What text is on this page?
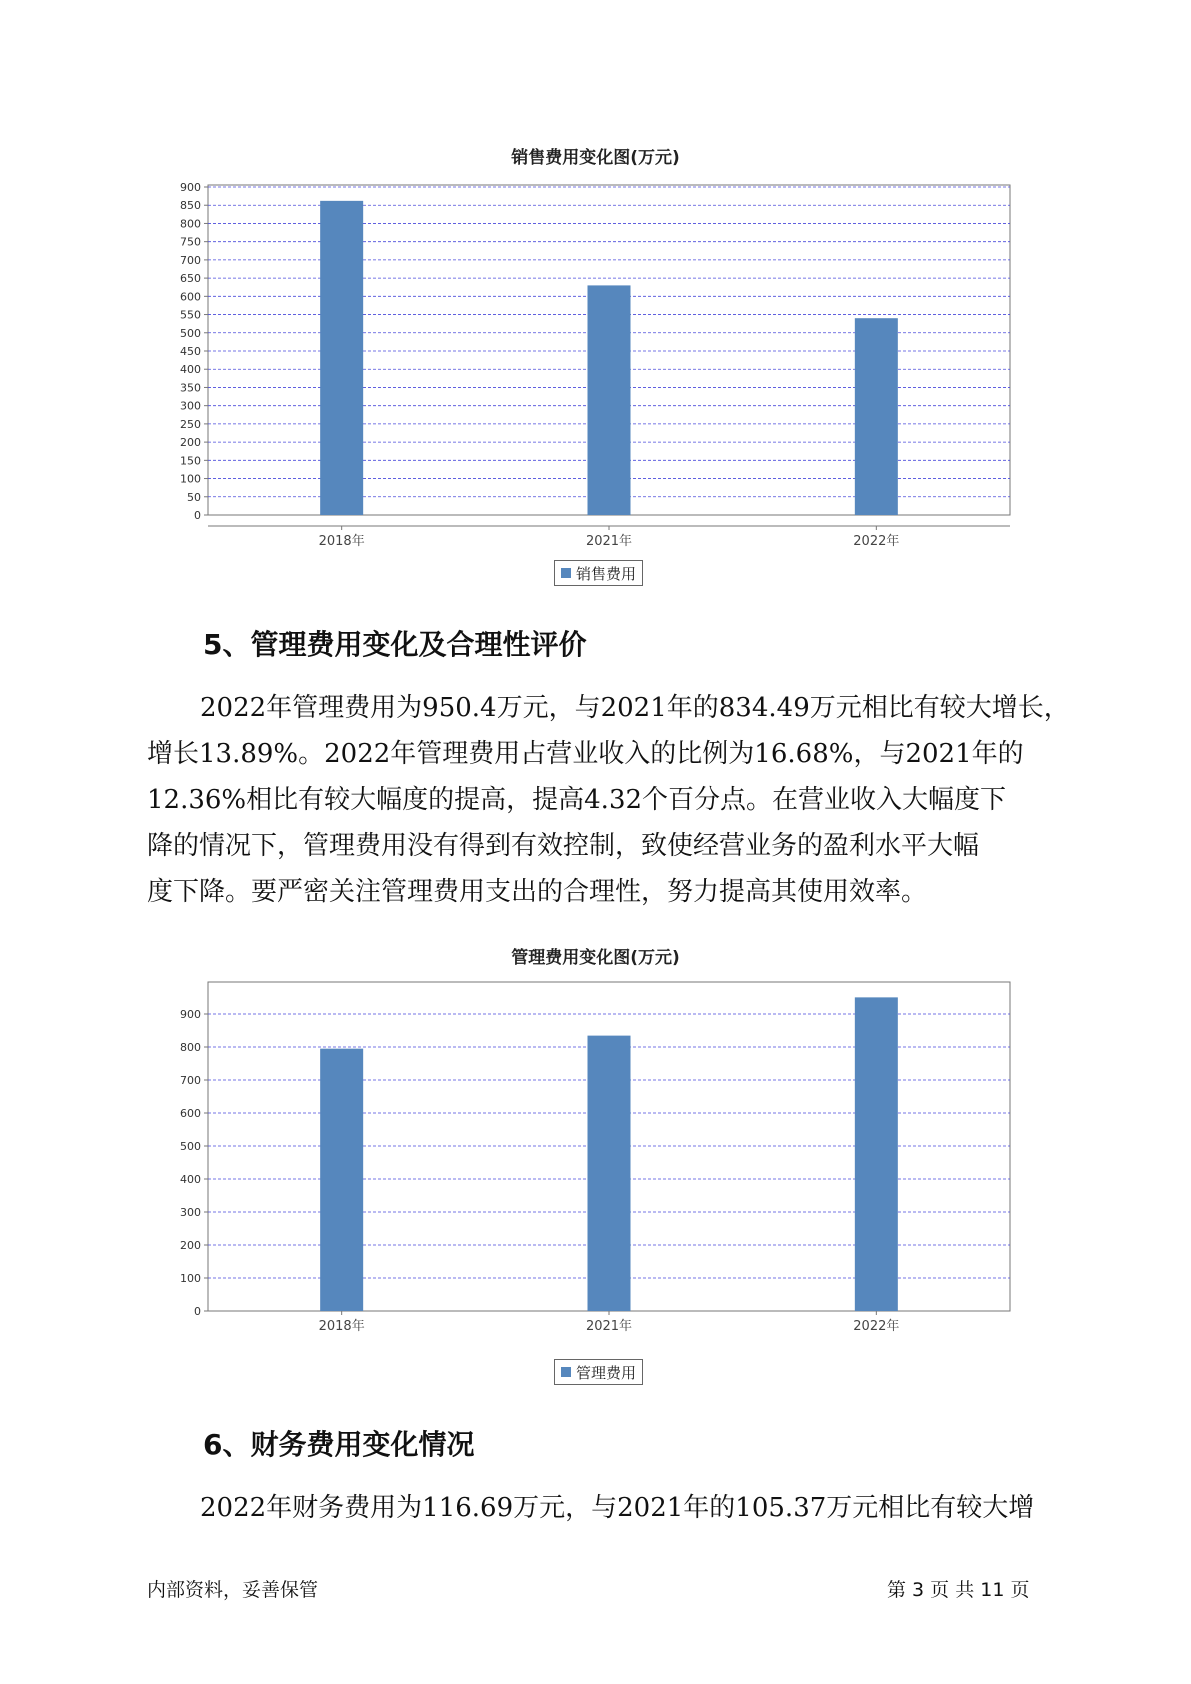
销售费用变化图(万元)
0
50
100
150
200
250
300
350
400
450
500
550
600
650
700
750
800
850
900
2018年	2021年	2022年
销售费用
5、管理费用变化及合理性评价
2022年管理费用为950.4万元，与2021年的834.49万元相比有较大增长，
增长13.89%。2022年管理费用占营业收入的比例为16.68%，与2021年的
12.36%相比有较大幅度的提高，提高4.32个百分点。在营业收入大幅度下
降的情况下，管理费用没有得到有效控制，致使经营业务的盈利水平大幅
度下降。要严密关注管理费用支出的合理性，努力提高其使用效率。
管理费用变化图(万元)
0
100
200
300
400
500
600
700
800
900
2018年	2021年	2022年
管理费用
6、财务费用变化情况
2022年财务费用为116.69万元，与2021年的105.37万元相比有较大增
内部资料，妥善保管	第 3 页 共 11 页
